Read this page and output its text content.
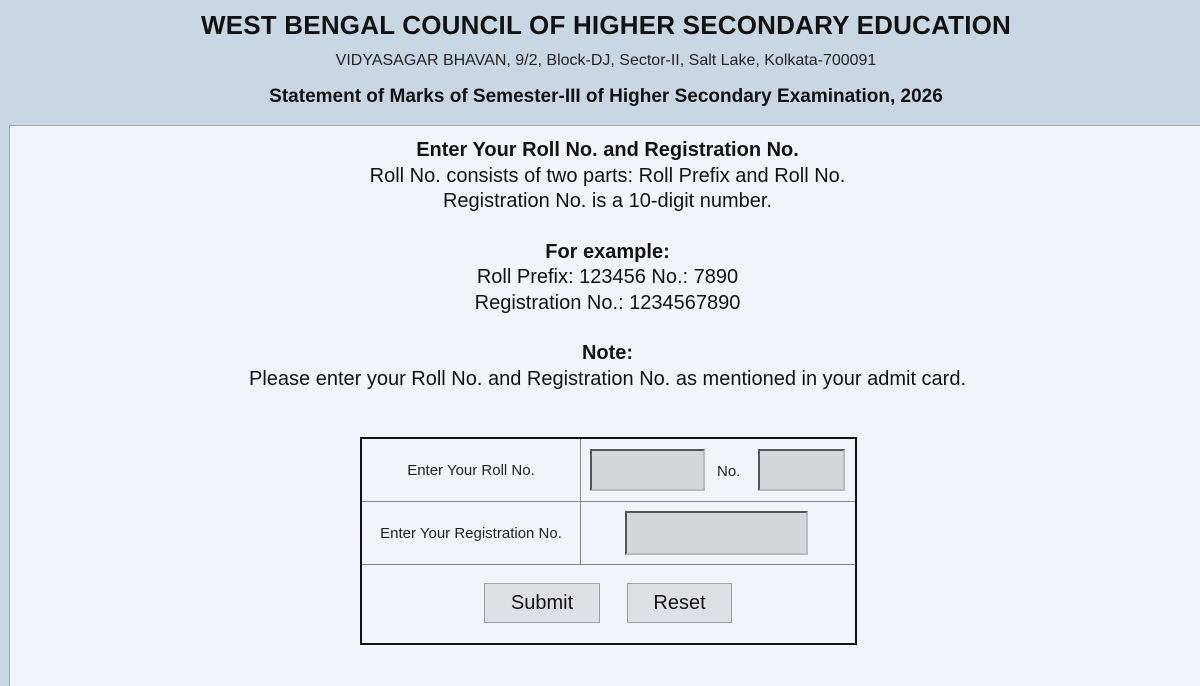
WEST BENGAL COUNCIL OF HIGHER SECONDARY EDUCATION
VIDYASAGAR BHAVAN, 9/2, Block-DJ, Sector-II, Salt Lake, Kolkata-700091
Statement of Marks of Semester-III of Higher Secondary Examination, 2026
Enter Your Roll No. and Registration No.
Roll No. consists of two parts: Roll Prefix and Roll No.
Registration No. is a 10-digit number.
For example:
Roll Prefix: 123456 No.: 7890
Registration No.: 1234567890
Note:
Please enter your Roll No. and Registration No. as mentioned in your admit card.
Enter Your Roll No.	No.
Enter Your Registration No.
Submit	Reset
